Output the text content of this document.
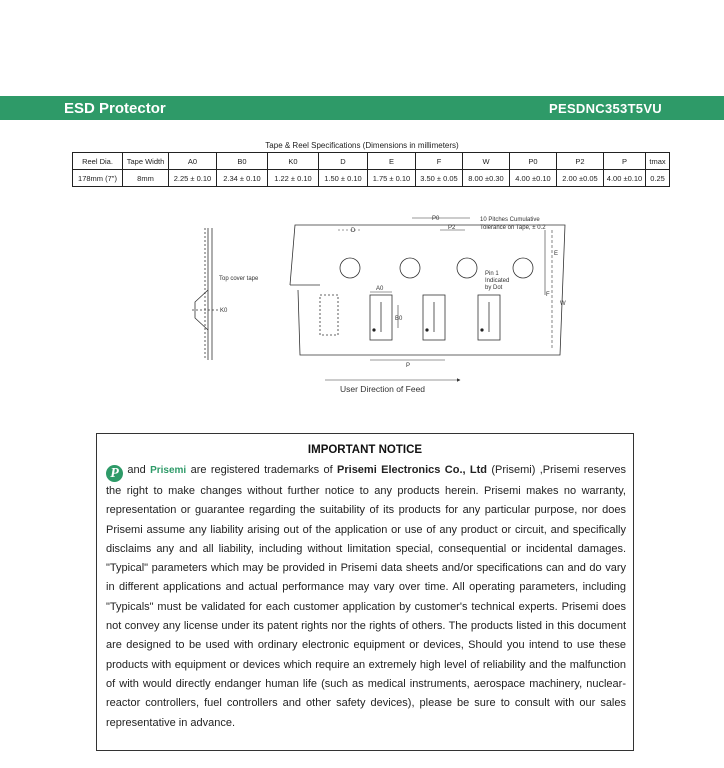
ESD Protector	PESDNC353T5VU
Tape & Reel Specifications (Dimensions in millimeters)
Reel Dia.	Tape Width	A0	B0	K0	D	E	F	W	P0	P2	P	tmax
178mm (7")	8mm	2.25 ± 0.10	2.34 ± 0.10	1.22 ± 0.10	1.50 ± 0.10	1.75 ± 0.10	3.50 ± 0.05	8.00 ±0.30	4.00 ±0.10	2.00 ±0.05	4.00 ±0.10	0.25
Top cover tape
K0
D
P0
P2
A0
B0
P
E
F
W
10 Pitches Cumulative
Tolerance on Tape, ± 0.2
Pin 1
Indicated
by Dot
User Direction of Feed
IMPORTANT NOTICE
P and Prisemi are registered trademarks of Prisemi Electronics Co., Ltd (Prisemi) ,Prisemi reserves the right to make changes without further notice to any products herein. Prisemi makes no warranty, representation or guarantee regarding the suitability of its products for any particular purpose, nor does Prisemi assume any liability arising out of the application or use of any product or circuit, and specifically disclaims any and all liability, including without limitation special, consequential or incidental damages. "Typical" parameters which may be provided in Prisemi data sheets and/or specifications can and do vary in different applications and actual performance may vary over time. All operating parameters, including "Typicals" must be validated for each customer application by customer's technical experts. Prisemi does not convey any license under its patent rights nor the rights of others. The products listed in this document are designed to be used with ordinary electronic equipment or devices, Should you intend to use these products with equipment or devices which require an extremely high level of reliability and the malfunction of with would directly endanger human life (such as medical instruments, aerospace machinery, nuclear-reactor controllers, fuel controllers and other safety devices), please be sure to consult with our sales representative in advance.
